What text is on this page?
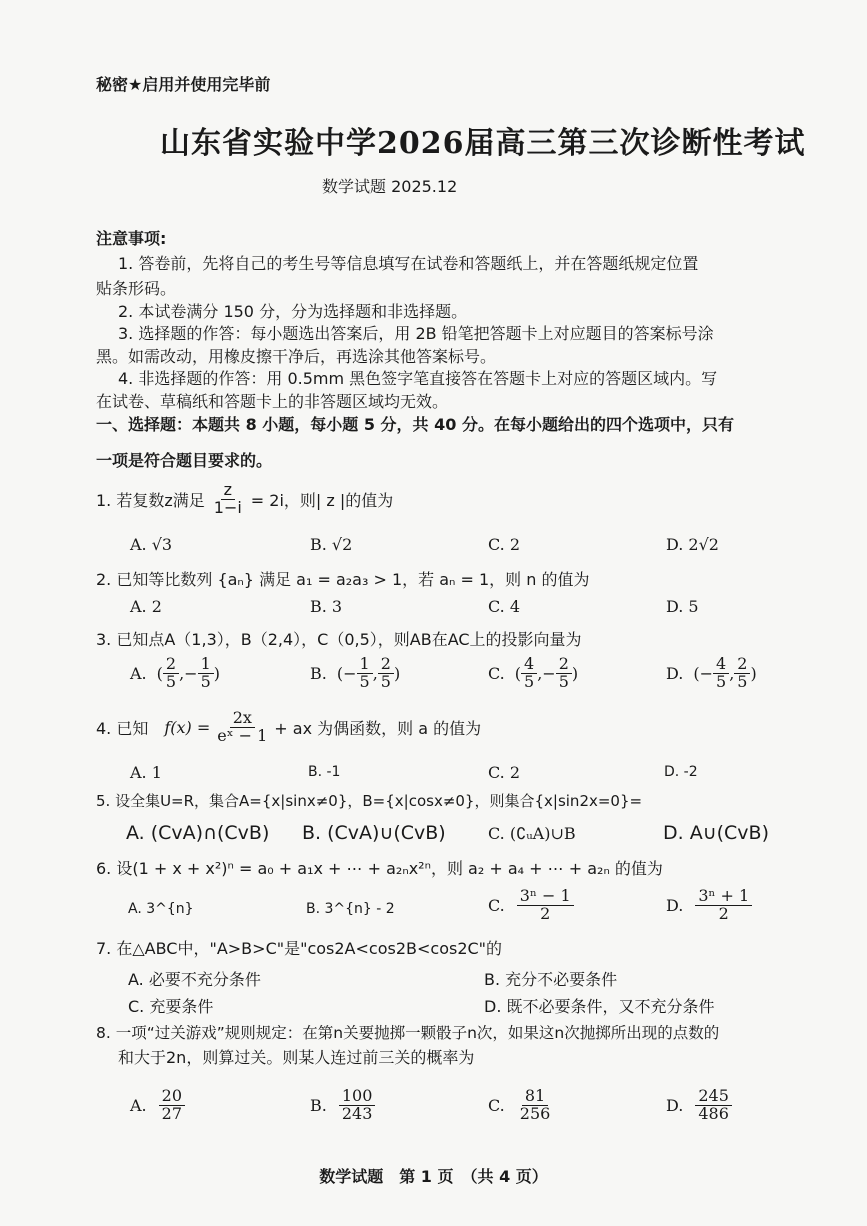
秘密★启用并使用完毕前
山东省实验中学2026届高三第三次诊断性考试
数学试题 2025.12
注意事项:
1. 答卷前，先将自己的考生号等信息填写在试卷和答题纸上，并在答题纸规定位置
贴条形码。
2. 本试卷满分 150 分，分为选择题和非选择题。
3. 选择题的作答：每小题选出答案后，用 2B 铅笔把答题卡上对应题目的答案标号涂
黑。如需改动，用橡皮擦干净后，再选涂其他答案标号。
4. 非选择题的作答：用 0.5mm 黑色签字笔直接答在答题卡上对应的答题区域内。写
在试卷、草稿纸和答题卡上的非答题区域均无效。
一、选择题：本题共 8 小题，每小题 5 分，共 40 分。在每小题给出的四个选项中，只有
一项是符合题目要求的。
1. 若复数z满足 $\frac{z}{1-i} = 2i$，则| z |的值为
A. √3	B. √2	C. 2	D. 2√2
2. 已知等比数列 {aₙ} 满足 a₁ = a₂a₃ > 1，若 aₙ = 1，则 n 的值为
A. 2	B. 3	C. 4	D. 5
3. 已知点A（1,3），B（2,4），C（0,5），则AB在AC上的投影向量为
A. ( $\frac{2}{5}$ ,− $\frac{1}{5}$ )	B. (− $\frac{1}{5}$ , $\frac{2}{5}$ )	C. ( $\frac{4}{5}$ ,− $\frac{2}{5}$ )	D. (− $\frac{4}{5}$ , $\frac{2}{5}$ )
4. 已知 $f(x) = \frac{2x}{\text{eˣ − 1}}$ + ax 为偶函数，则 a 的值为
A. 1	B. -1	C. 2	D. -2
5. 设全集U=R，集合A={x|sinx≠0}，B={x|cosx≠0}，则集合{x|sin2x=0}=
A. (CvA)∩(CvB) B. (CvA)∪(CvB)	C. (∁ᵤA)∪B	D. A∪(CvB)
6. 设(1 + x + x²)ⁿ = a₀ + a₁x + ⋯ + a₂ₙx²ⁿ，则 a₂ + a₄ + ⋯ + a₂ₙ 的值为
A. 3^{n}	B. 3^{n} - 2	C. $\frac{\text{3ⁿ − 1}}{2}$	D. $\frac{\text{3ⁿ + 1}}{2}$
7. 在△ABC中，"A>B>C"是"cos2A<cos2B<cos2C"的
A. 必要不充分条件	B. 充分不必要条件
C. 充要条件	D. 既不必要条件，又不充分条件
8. 一项“过关游戏”规则规定：在第n关要抛掷一颗骰子n次，如果这n次抛掷所出现的点数的
和大于2n，则算过关。则某人连过前三关的概率为
A. $\frac{20}{27}$	B. $\frac{100}{243}$	C. $\frac{81}{256}$	D. $\frac{245}{486}$
数学试题　第 1 页　（共 4 页）
